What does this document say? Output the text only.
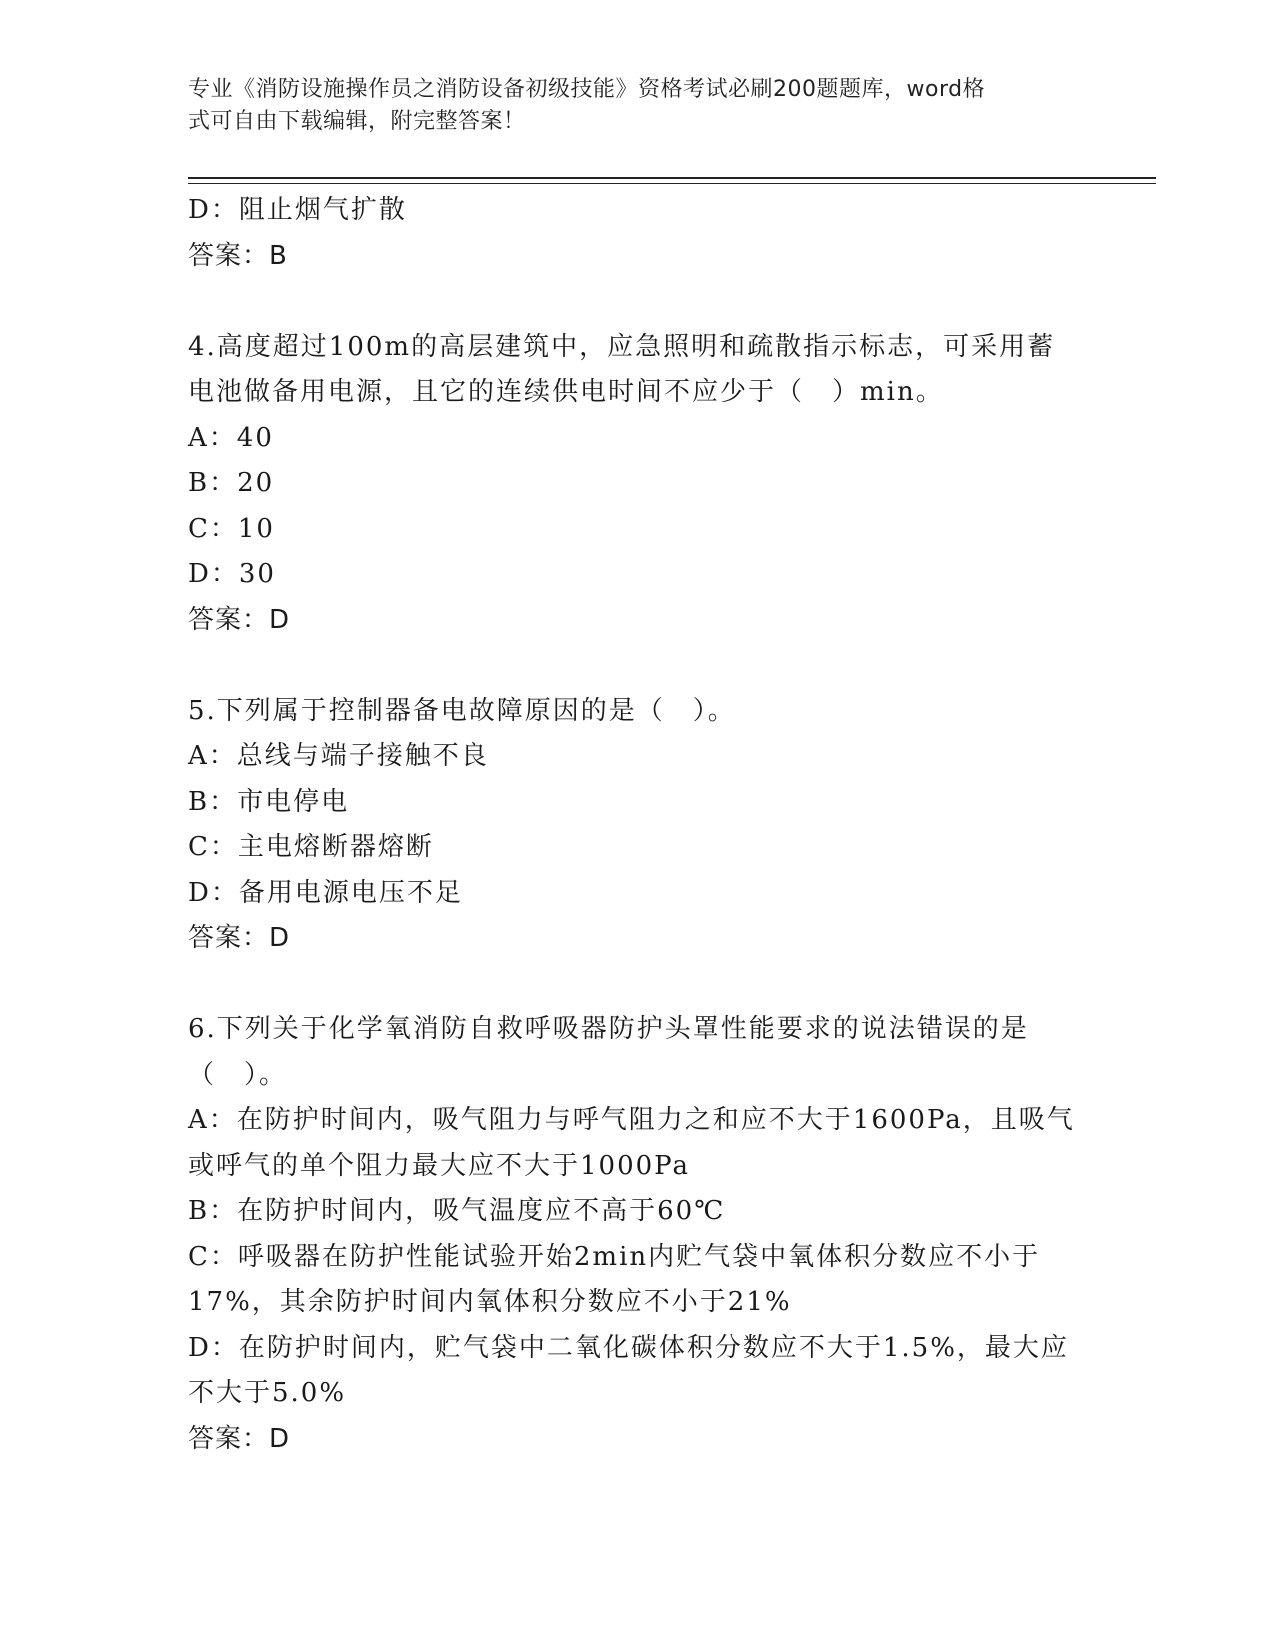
专业《消防设施操作员之消防设备初级技能》资格考试必刷200题题库，word格
式可自由下载编辑，附完整答案！
D：阻止烟气扩散
答案：B
4.高度超过100m的高层建筑中，应急照明和疏散指示标志，可采用蓄
电池做备用电源，且它的连续供电时间不应少于（　）min。
A：40
B：20
C：10
D：30
答案：D
5.下列属于控制器备电故障原因的是（　）。
A：总线与端子接触不良
B：市电停电
C：主电熔断器熔断
D：备用电源电压不足
答案：D
6.下列关于化学氧消防自救呼吸器防护头罩性能要求的说法错误的是
（　）。
A：在防护时间内，吸气阻力与呼气阻力之和应不大于1600Pa，且吸气
或呼气的单个阻力最大应不大于1000Pa
B：在防护时间内，吸气温度应不高于60℃
C：呼吸器在防护性能试验开始2min内贮气袋中氧体积分数应不小于
17%，其余防护时间内氧体积分数应不小于21%
D：在防护时间内，贮气袋中二氧化碳体积分数应不大于1.5%，最大应
不大于5.0%
答案：D
